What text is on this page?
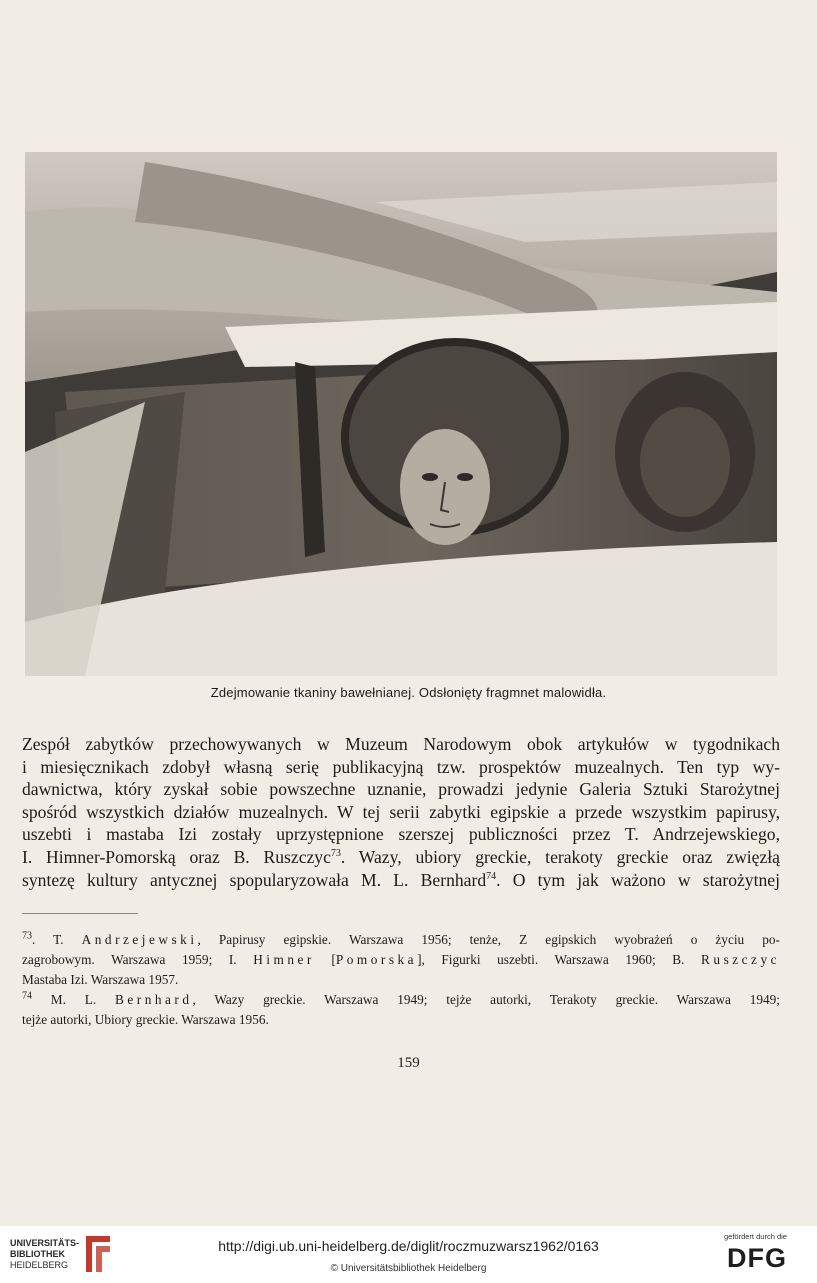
Zdejmowanie tkaniny bawełnianej. Odsłonięty fragmnet malowidła.
Zespół zabytków przechowywanych w Muzeum Narodowym obok artykułów w tygodnikach
i miesięcznikach zdobył własną serię publikacyjną tzw. prospektów muzealnych. Ten typ wy-
dawnictwa, który zyskał sobie powszechne uznanie, prowadzi jedynie Galeria Sztuki Starożytnej
spośród wszystkich działów muzealnych. W tej serii zabytki egipskie a przede wszystkim papirusy,
uszebti i mastaba Izi zostały uprzystępnione szerszej publiczności przez T. Andrzejewskiego,
I. Himner-Pomorską oraz B. Ruszczyc$^{73}$. Wazy, ubiory greckie, terakoty greckie oraz zwięzłą
syntezę kultury antycznej spopularyzowała M. L. Bernhard$^{74}$. O tym jak ważono w starożytnej
$^{73}$. T. Andrzejewski, Papirusy egipskie. Warszawa 1956; tenże, Z egipskich wyobrażeń o życiu po-
zagrobowym. Warszawa 1959; I. Himner [Pomorska], Figurki uszebti. Warszawa 1960; B. Ruszczyc
Mastaba Izi. Warszawa 1957.
$^{74}$ M. L. Bernhard, Wazy greckie. Warszawa 1949; tejże autorki, Terakoty greckie. Warszawa 1949;
tejże autorki, Ubiory greckie. Warszawa 1956.
159
UNIVERSITÄTS-
BIBLIOTHEK
HEIDELBERG
http://digi.ub.uni-heidelberg.de/diglit/roczmuzwarsz1962/0163
© Universitätsbibliothek Heidelberg
gefördert durch die
DFG
